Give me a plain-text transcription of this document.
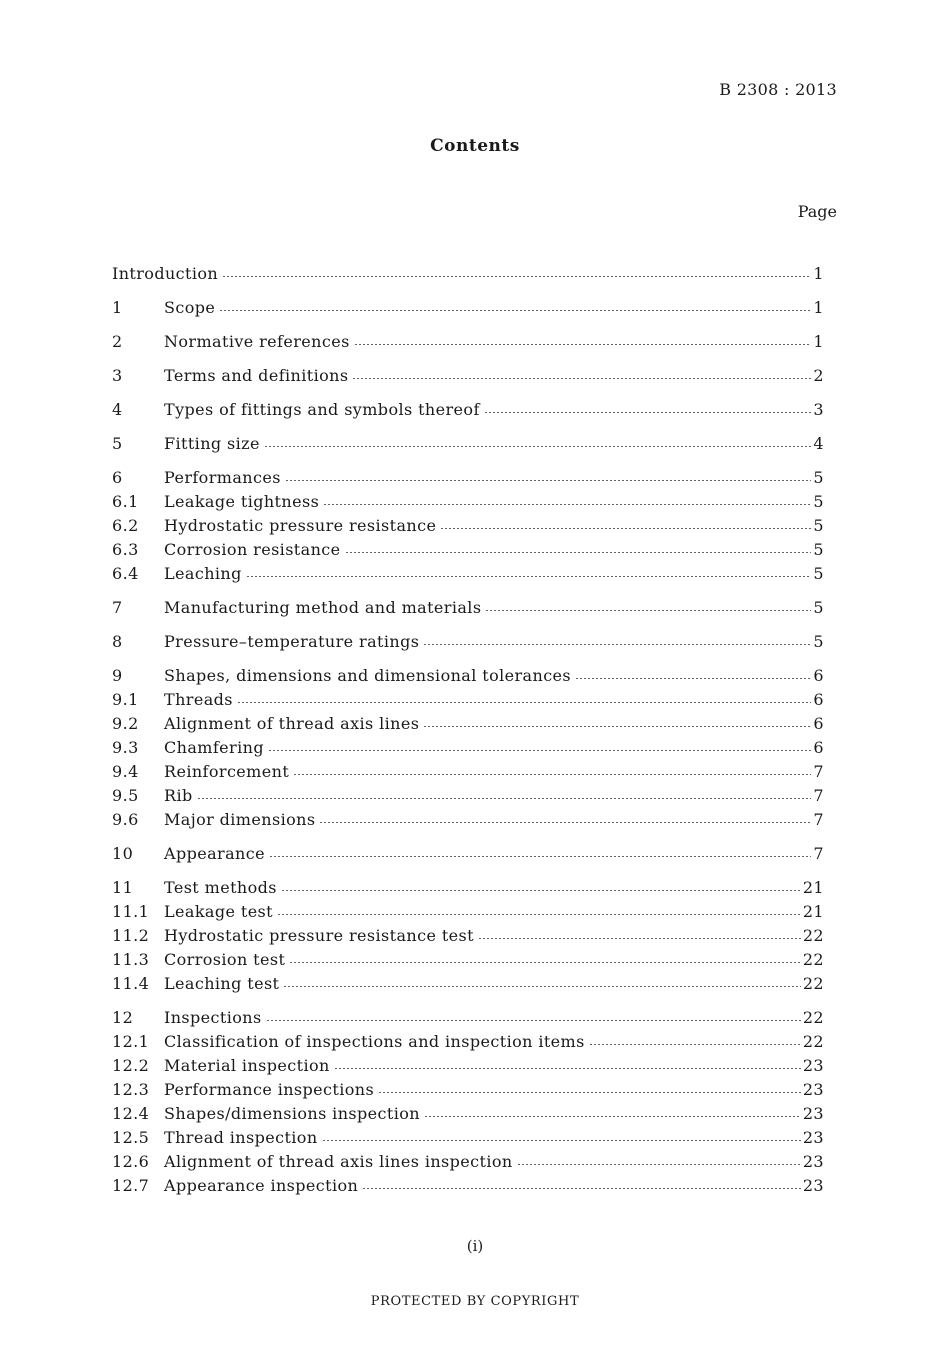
B 2308 : 2013
Contents
Page
Introduction	1
1	Scope	1
2	Normative references	1
3	Terms and definitions	2
4	Types of fittings and symbols thereof	3
5	Fitting size	4
6	Performances	5
6.1	Leakage tightness	5
6.2	Hydrostatic pressure resistance	5
6.3	Corrosion resistance	5
6.4	Leaching	5
7	Manufacturing method and materials	5
8	Pressure–temperature ratings	5
9	Shapes, dimensions and dimensional tolerances	6
9.1	Threads	6
9.2	Alignment of thread axis lines	6
9.3	Chamfering	6
9.4	Reinforcement	7
9.5	Rib	7
9.6	Major dimensions	7
10	Appearance	7
11	Test methods	21
11.1 Leakage test	21
11.2 Hydrostatic pressure resistance test	22
11.3 Corrosion test	22
11.4 Leaching test	22
12	Inspections	22
12.1 Classification of inspections and inspection items	22
12.2 Material inspection	23
12.3 Performance inspections	23
12.4 Shapes/dimensions inspection	23
12.5 Thread inspection	23
12.6 Alignment of thread axis lines inspection	23
12.7 Appearance inspection	23
(i)
PROTECTED BY COPYRIGHT
